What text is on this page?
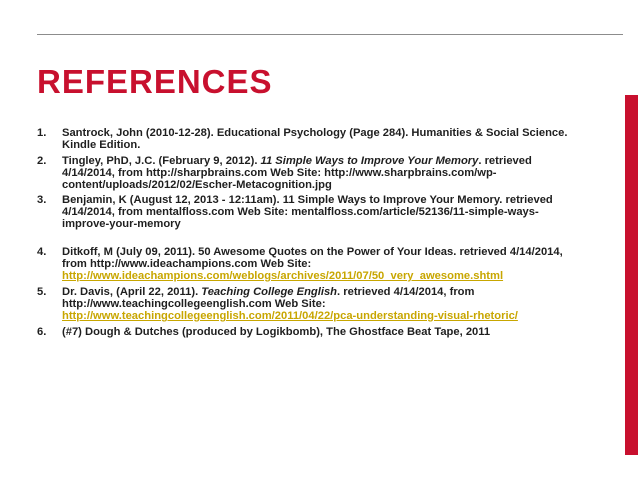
REFERENCES
1. Santrock, John (2010-12-28). Educational Psychology (Page 284). Humanities & Social Science. Kindle Edition.
2. Tingley, PhD, J.C. (February 9, 2012). 11 Simple Ways to Improve Your Memory. retrieved 4/14/2014, from http://sharpbrains.com Web Site: http://www.sharpbrains.com/wp-content/uploads/2012/02/Escher-Metacognition.jpg
3. Benjamin, K (August 12, 2013 - 12:11am). 11 Simple Ways to Improve Your Memory. retrieved 4/14/2014, from mentalfloss.com Web Site: mentalfloss.com/article/52136/11-simple-ways-improve-your-memory
4. Ditkoff, M (July 09, 2011). 50 Awesome Quotes on the Power of Your Ideas. retrieved 4/14/2014, from http://www.ideachampions.com Web Site: http://www.ideachampions.com/weblogs/archives/2011/07/50_very_awesome.shtml
5. Dr. Davis, (April 22, 2011). Teaching College English. retrieved 4/14/2014, from http://www.teachingcollegeenglish.com Web Site: http://www.teachingcollegeenglish.com/2011/04/22/pca-understanding-visual-rhetoric/
6. (#7) Dough & Dutches (produced by Logikbomb), The Ghostface Beat Tape, 2011
